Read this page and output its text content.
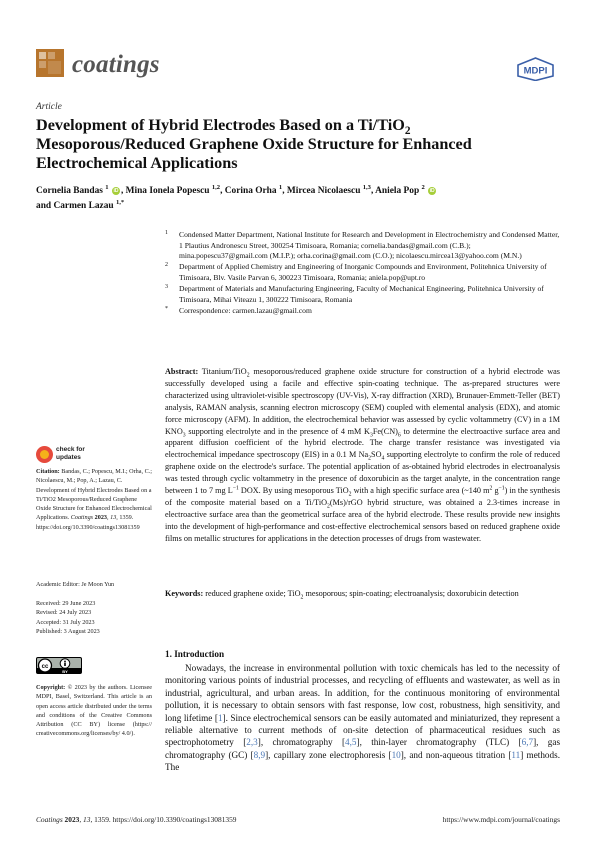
coatings	MDPI
Article
Development of Hybrid Electrodes Based on a Ti/TiO$_2$
Mesoporous/Reduced Graphene Oxide Structure for Enhanced
Electrochemical Applications
Cornelia Bandas $^1$ iD , Mina Ionela Popescu $^{1,2}$, Corina Orha $^1$, Mircea Nicolaescu $^{1,3}$, Aniela Pop $^2$ iD
and Carmen Lazau $^{1,*}$
1 Condensed Matter Department, National Institute for Research and Development in Electrochemistry and Condensed Matter, 1 Plautius Andronescu Street, 300254 Timisoara, Romania; cornelia.bandas@gmail.com (C.B.); mina.popescu37@gmail.com (M.I.P.); orha.corina@gmail.com (C.O.); nicolaescu.mircea13@yahoo.com (M.N.)
2 Department of Applied Chemistry and Engineering of Inorganic Compounds and Environment, Politehnica University of Timisoara, Blv. Vasile Parvan 6, 300223 Timisoara, Romania; aniela.pop@upt.ro
3 Department of Materials and Manufacturing Engineering, Faculty of Mechanical Engineering, Politehnica University of Timisoara, Mihai Viteazu 1, 300222 Timisoara, Romania
* Correspondence: carmen.lazau@gmail.com
Abstract: Titanium/TiO$_2$ mesoporous/reduced graphene oxide structure for construction of a hybrid electrode was successfully developed using a facile and effective spin-coating technique. The as-prepared structures were characterized using ultraviolet-visible spectroscopy (UV-Vis), X-ray diffraction (XRD), Brunauer-Emmett-Teller (BET) analysis, RAMAN analysis, scanning electron microscopy (SEM) coupled with elemental analysis (EDX), and atomic force microscopy (AFM). In addition, the electrochemical behavior was assessed by cyclic voltammetry (CV) in a 1M $KNO_3$ supporting electrolyte and in the presence of 4 mM $K_3Fe(CN)_6$ to determine the electroactive surface area and apparent diffusion coefficient of the hybrid electrode. The charge transfer resistance was investigated via electrochemical impedance spectroscopy (EIS) in a 0.1 M $Na_2SO_4$ supporting electrolyte to confirm the role of reduced graphene oxide on the electrode's surface. The potential application of as-obtained hybrid electrodes in electroanalysis was tested through cyclic voltammetry in the presence of doxorubicin as the target analyte, in the concentration range between 1 to 7 mg $L^{-1}$ DOX. By using mesoporous TiO$_2$ with a high specific surface area (~140 $m^2$ $g^{-1}$) in the synthesis of the composite material based on a Ti/TiO$_2$(Ms)/rGO hybrid structure, was obtained a 2.3-times increase in electroactive surface area than the geometrical surface area of the hybrid electrode. These results provide new insights into the development of high-performance and cost-effective electrochemical sensors based on reduced graphene oxide films on metallic structures for applications in the detection processes of drugs from wastewater.
Keywords: reduced graphene oxide; TiO$_2$ mesoporous; spin-coating; electroanalysis; doxorubicin detection
check for
updates
Citation: Bandas, C.; Popescu, M.I.; Orha, C.; Nicolaescu, M.; Pop, A.; Lazau, C. Development of Hybrid Electrodes Based on a Ti/TiO2 Mesoporous/Reduced Graphene Oxide Structure for Enhanced Electrochemical Applications. Coatings 2023, 13, 1359. https://doi.org/10.3390/coatings13081359
Academic Editor: Je Moon Yun
Received: 29 June 2023
Revised: 24 July 2023
Accepted: 31 July 2023
Published: 3 August 2023
cc
BY
Copyright: © 2023 by the authors. Licensee MDPI, Basel, Switzerland. This article is an open access article distributed under the terms and conditions of the Creative Commons Attribution (CC BY) license (https:// creativecommons.org/licenses/by/ 4.0/).
1. Introduction

Nowadays, the increase in environmental pollution with toxic chemicals has led to the necessity of monitoring various points of industrial processes, and recycling of effluents and wastewater, as well as in industrial, agricultural, and urban areas. In addition, for the continuous monitoring of environmental pollution, it is necessary to obtain sensors with fast response, low cost, robustness, high sensitivity, and long lifetime [1]. Since electrochemical sensors can be easily automated and miniaturized, they represent a reliable alternative to current methods of on-site detection of pharmaceutical residues such as spectrophotometry [2,3], chromatography [4,5], thin-layer chromatography (TLC) [6,7], gas chromatography (GC) [8,9], capillary zone electrophoresis [10], and non-aqueous titration [11] methods. The

Coatings 2023, 13, 1359. https://doi.org/10.3390/coatings13081359	https://www.mdpi.com/journal/coatings
